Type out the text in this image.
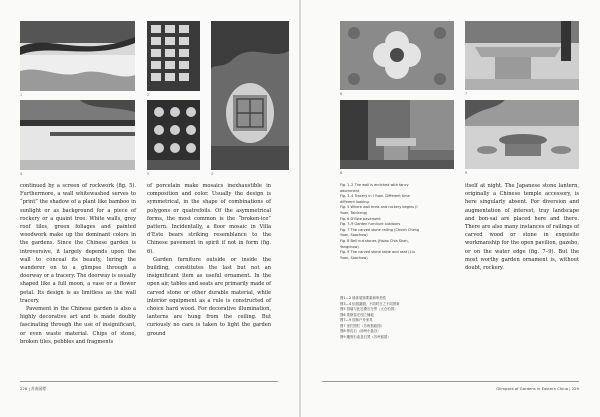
1	2
4	5	3

continued by a screen of rockwork (fig. 5). Furthermore, a wall whitewashed serves to “print” the shadow of a plant like bamboo in sunlight or as background for a piece of rockery or a quaint tree. White walls, grey roof tiles, green foliages and painted woodwork make up the dominant colors in the gardens. Since the Chinese garden is introversive, it largely depends upon the wall to conceal its beauty, luring the wanderer on to a glimpse through a doorway or a tracery. The doorway is usually shaped like a full moon, a vase or a flower petal. Its design is as limitless as the wall tracery.

Pavement in the Chinese garden is also a highly decorative art and is made doubly fascinating through the use of insignificant, or even waste material. Chips of stone, broken tiles, pebbles and fragments

of porcelain make mosaics inexhaustible in composition and color. Usually the design is symmetrical, in the shape of combinations of polygons or quatrefoils. Of the asymmetrical forms, the most common is the “broken-ice” pattern. Incidentally, a floor mosaic in Villa d’Este bears striking resemblance to the Chinese pavement in spirit if not in form (fig. 6).

Garden furniture outside or inside the building, constitutes the last but not an insignificant item as useful ornament. In the open air, tables and seats are primarily made of carved stone or other durable material, while interior equipment as a rule is constructed of choice hard wood. For decorative illumination, lanterns are hung from the ceiling. But curiously no care is taken to light the garden ground

228 | 苏南园墅
6	7
8	9

Fig. 1–2 The wall is enriched with fancy adornment

Fig. 3–4 Tracery in I Yuan. Different time different looking

Fig. 5 Where wall ends and rockery begins (I Yuan, Taicheng)

Fig. 6 D’Este pavement

Fig. 7–9 Garden furniture outdoors

Fig. 7 The carved stone railing (Chueh Cheng Yuan, Soochow)

Fig. 8 Bell nut stones (Hsiao Chia Shan, Yangchow)

Fig. 9 The carved stone table and seat (Liu Yuan, Soochow)

图1—2 墙体装饰要素和审美性

图3—4 怡园漏窗，不同时日之不同景象

图5 园墙与此后叠石分界（太仓怡园）

图6 埃斯泰庄园之铺地

图7—9 园林户外家具

图7 坐栏围栏（苏州拙政园）

图8 钟乳石（扬州小盘谷）

图9 雕刻石桌及石凳（苏州留园）

itself at night. The Japanese stone lantern, originally a Chinese temple accessory, is here singularly absent. For diversion and augmentation of interest, tray landscape and bon-sai are placed here and there. There are also many instances of railings of carved wood or stone in exquisite workmanship for the open pavilion, gazebo, or on the water edge (fig. 7–9). But the most worthy garden ornament is, without doubt, rockery.

Glimpses of Gardens in Eastern China | 229
